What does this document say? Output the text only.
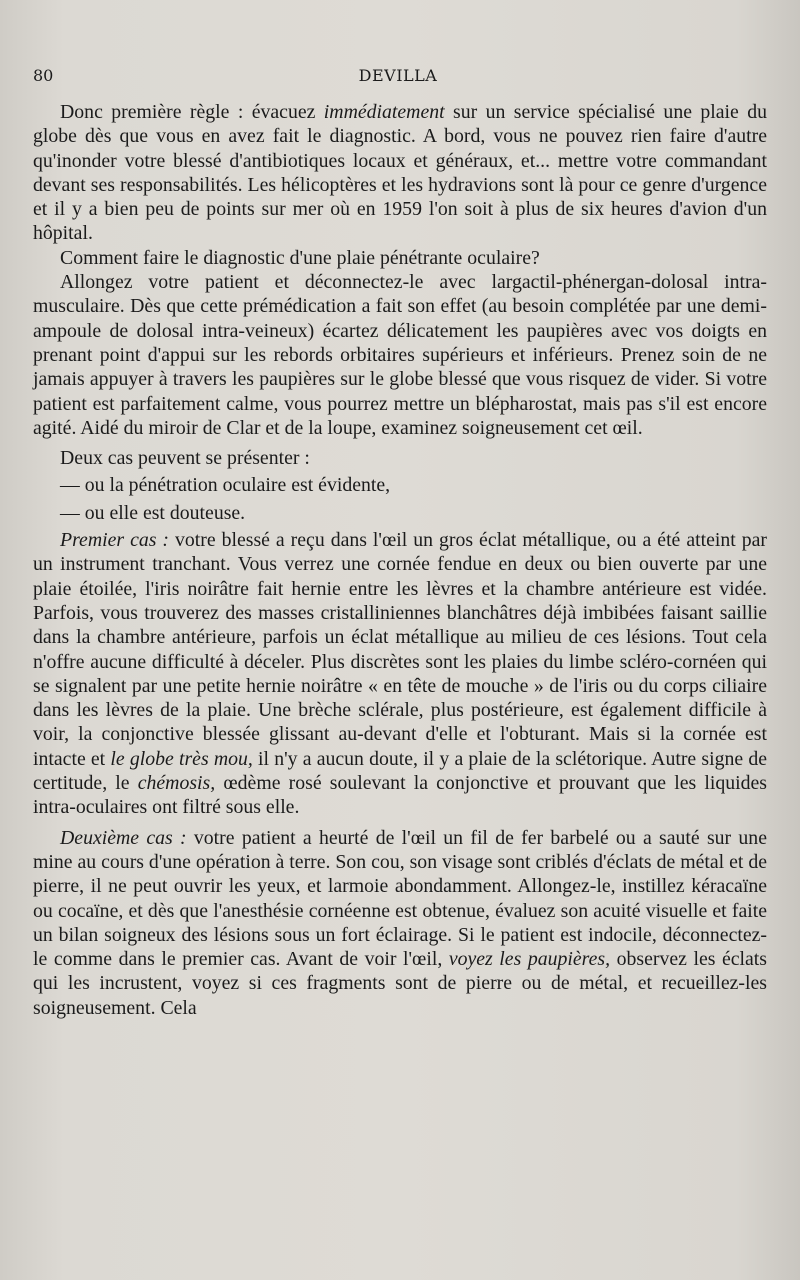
80	DEVILLA

Donc première règle : évacuez immédiatement sur un service spécialisé une plaie du globe dès que vous en avez fait le diagnostic. A bord, vous ne pouvez rien faire d'autre qu'inonder votre blessé d'antibiotiques locaux et généraux, et... mettre votre commandant devant ses responsabilités. Les hélicoptères et les hydravions sont là pour ce genre d'urgence et il y a bien peu de points sur mer où en 1959 l'on soit à plus de six heures d'avion d'un hôpital.

Comment faire le diagnostic d'une plaie pénétrante oculaire?

Allongez votre patient et déconnectez-le avec largactil-phénergan-dolosal intra-musculaire. Dès que cette prémédication a fait son effet (au besoin complétée par une demi-ampoule de dolosal intra-veineux) écartez délicatement les paupières avec vos doigts en prenant point d'appui sur les rebords orbitaires supérieurs et inférieurs. Prenez soin de ne jamais appuyer à travers les paupières sur le globe blessé que vous risquez de vider. Si votre patient est parfaitement calme, vous pourrez mettre un blépharostat, mais pas s'il est encore agité. Aidé du miroir de Clar et de la loupe, examinez soigneusement cet œil.

Deux cas peuvent se présenter :

— ou la pénétration oculaire est évidente,

— ou elle est douteuse.

Premier cas : votre blessé a reçu dans l'œil un gros éclat métallique, ou a été atteint par un instrument tranchant. Vous verrez une cornée fendue en deux ou bien ouverte par une plaie étoilée, l'iris noirâtre fait hernie entre les lèvres et la chambre antérieure est vidée. Parfois, vous trouverez des masses cristalliniennes blanchâtres déjà imbibées faisant saillie dans la chambre antérieure, parfois un éclat métallique au milieu de ces lésions. Tout cela n'offre aucune difficulté à déceler. Plus discrètes sont les plaies du limbe scléro-cornéen qui se signalent par une petite hernie noirâtre « en tête de mouche » de l'iris ou du corps ciliaire dans les lèvres de la plaie. Une brèche sclérale, plus postérieure, est également difficile à voir, la conjonctive blessée glissant au-devant d'elle et l'obturant. Mais si la cornée est intacte et le globe très mou, il n'y a aucun doute, il y a plaie de la sclétorique. Autre signe de certitude, le chémosis, œdème rosé soulevant la conjonctive et prouvant que les liquides intra-oculaires ont filtré sous elle.

Deuxième cas : votre patient a heurté de l'œil un fil de fer barbelé ou a sauté sur une mine au cours d'une opération à terre. Son cou, son visage sont criblés d'éclats de métal et de pierre, il ne peut ouvrir les yeux, et larmoie abondamment. Allongez-le, instillez kéracaïne ou cocaïne, et dès que l'anesthésie cornéenne est obtenue, évaluez son acuité visuelle et faite un bilan soigneux des lésions sous un fort éclairage. Si le patient est indocile, déconnectez-le comme dans le premier cas. Avant de voir l'œil, voyez les paupières, observez les éclats qui les incrustent, voyez si ces fragments sont de pierre ou de métal, et recueillez-les soigneusement. Cela
